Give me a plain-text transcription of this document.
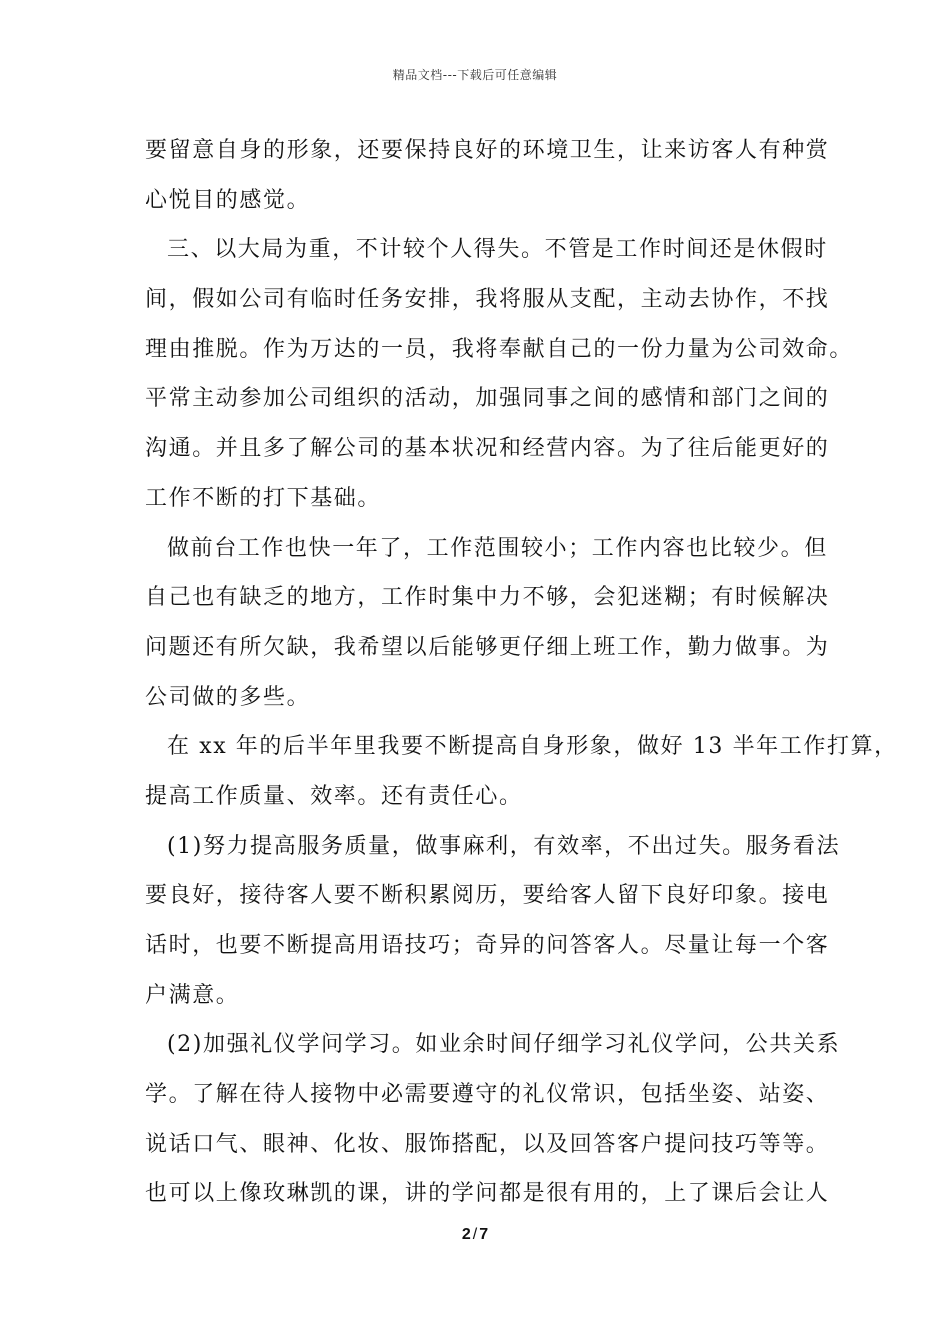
精品文档---下载后可任意编辑
要留意自身的形象，还要保持良好的环境卫生，让来访客人有种赏
心悦目的感觉。
三、以大局为重，不计较个人得失。不管是工作时间还是休假时
间，假如公司有临时任务安排，我将服从支配，主动去协作，不找
理由推脱。作为万达的一员，我将奉献自己的一份力量为公司效命。
平常主动参加公司组织的活动，加强同事之间的感情和部门之间的
沟通。并且多了解公司的基本状况和经营内容。为了往后能更好的
工作不断的打下基础。
做前台工作也快一年了，工作范围较小；工作内容也比较少。但
自己也有缺乏的地方，工作时集中力不够，会犯迷糊；有时候解决
问题还有所欠缺，我希望以后能够更仔细上班工作，勤力做事。为
公司做的多些。
在 xx 年的后半年里我要不断提高自身形象，做好 13 半年工作打算，
提高工作质量、效率。还有责任心。
(1)努力提高服务质量，做事麻利，有效率，不出过失。服务看法
要良好，接待客人要不断积累阅历，要给客人留下良好印象。接电
话时，也要不断提高用语技巧；奇异的问答客人。尽量让每一个客
户满意。
(2)加强礼仪学问学习。如业余时间仔细学习礼仪学问，公共关系
学。了解在待人接物中必需要遵守的礼仪常识，包括坐姿、站姿、
说话口气、眼神、化妆、服饰搭配，以及回答客户提问技巧等等。
也可以上像玫琳凯的课，讲的学问都是很有用的，上了课后会让人
2 / 7
